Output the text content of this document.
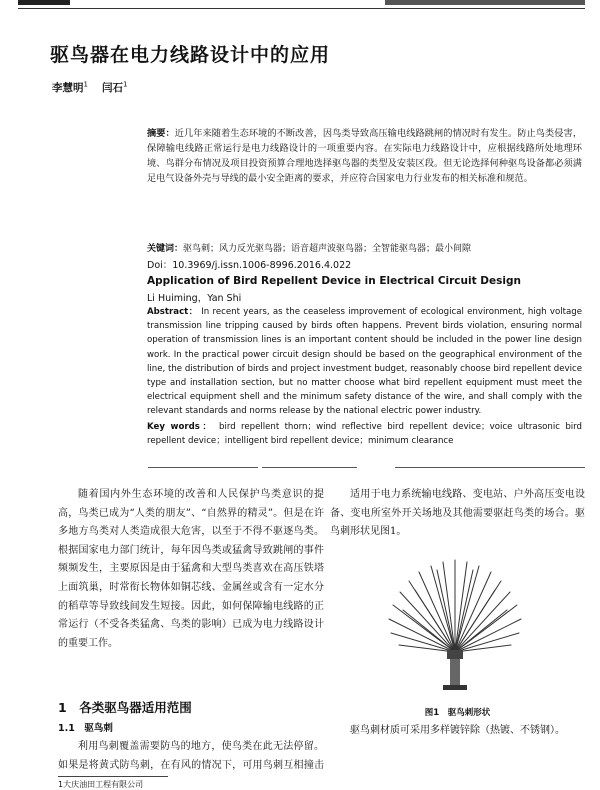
驱鸟器在电力线路设计中的应用
李慧明$^1$ 闫石$^1$
摘要：近几年来随着生态环境的不断改善，因鸟类导致高压输电线路跳闸的情况时有发生。防止鸟类侵害，保障输电线路正常运行是电力线路设计的一项重要内容。在实际电力线路设计中，应根据线路所处地理环境、鸟群分布情况及项目投资预算合理地选择驱鸟器的类型及安装区段。但无论选择何种驱鸟设备都必须满足电气设备外壳与导线的最小安全距离的要求，并应符合国家电力行业发布的相关标准和规范。
关键词：驱鸟刺；风力反光驱鸟器；语音超声波驱鸟器；全智能驱鸟器；最小间隙
Doi：10.3969/j.issn.1006-8996.2016.4.022
Application of Bird Repellent Device in Electrical Circuit Design
Li Huiming，Yan Shi
Abstract： In recent years, as the ceaseless improvement of ecological environment, high voltage transmission line tripping caused by birds often happens. Prevent birds violation, ensuring normal operation of transmission lines is an important content should be included in the power line design work. In the practical power circuit design should be based on the geographical environment of the line, the distribution of birds and project investment budget, reasonably choose bird repellent device type and installation section, but no matter choose what bird repellent equipment must meet the electrical equipment shell and the minimum safety distance of the wire, and shall comply with the relevant standards and norms release by the national electric power industry.
Key words： bird repellent thorn；wind reflective bird repellent device；voice ultrasonic bird repellent device；intelligent bird repellent device；minimum clearance

随着国内外生态环境的改善和人民保护鸟类意识的提高，鸟类已成为“人类的朋友”、“自然界的精灵”。但是在许多地方鸟类对人类造成很大危害，以至于不得不驱逐鸟类。根据国家电力部门统计，每年因鸟类或猛禽导致跳闸的事件频频发生，主要原因是由于猛禽和大型鸟类喜欢在高压铁塔上面筑巢，时常衔长物体如铜芯线、金属丝或含有一定水分的稻草等导致线间发生短接。因此，如何保障输电线路的正常运行（不受各类猛禽、鸟类的影响）已成为电力线路设计的重要工作。

适用于电力系统输电线路、变电站、户外高压变电设备、变电所室外开关场地及其他需要驱赶鸟类的场合。驱鸟刺形状见图1。

1　各类驱鸟器适用范围
1.1　驱鸟刺

利用鸟刺覆盖需要防鸟的地方，使鸟类在此无法停留。如果是将黄式防鸟刺，在有风的情况下，可用鸟刺互相撞击

图1　驱鸟刺形状

驱鸟刺材质可采用多样镀锌除（热镀、不锈钢）。

1大庆油田工程有限公司
